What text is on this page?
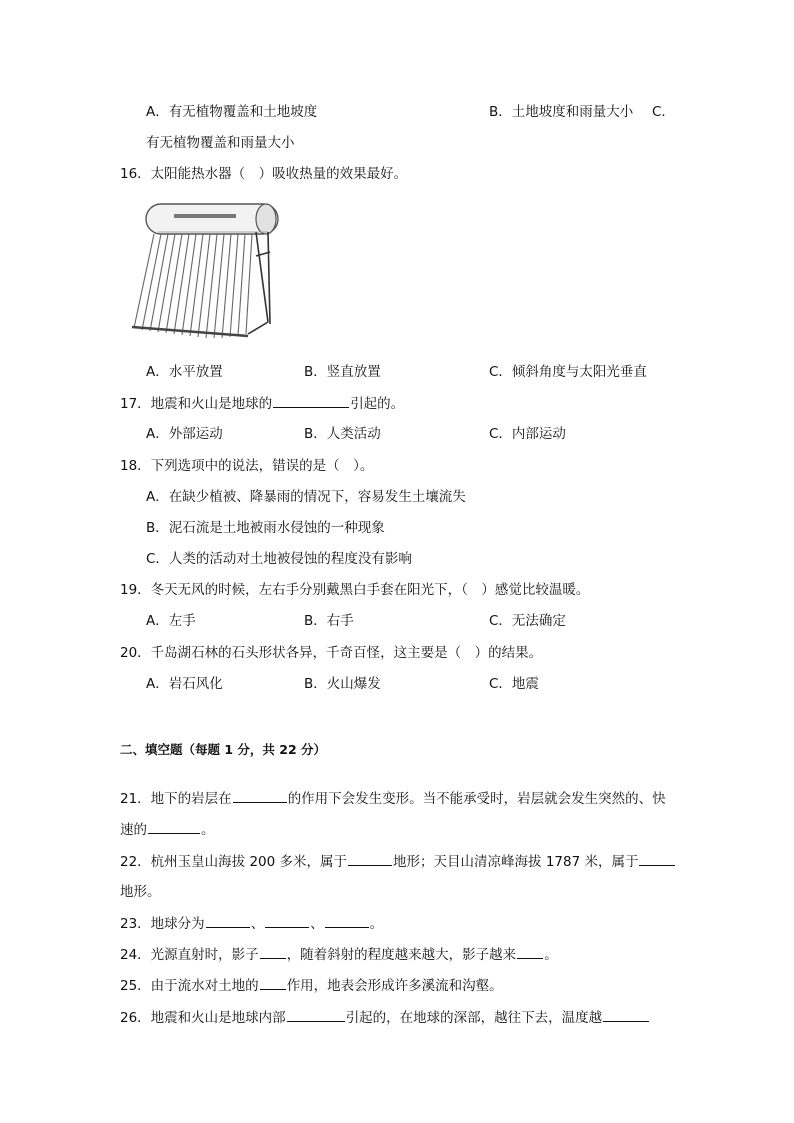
A．有无植物覆盖和土地坡度	B．土地坡度和雨量大小 C．
有无植物覆盖和雨量大小
16．太阳能热水器（　）吸收热量的效果最好。
A．水平放置	B．竖直放置	C．倾斜角度与太阳光垂直
17．地震和火山是地球的	引起的。
A．外部运动	B．人类活动	C．内部运动
18．下列选项中的说法，错误的是（　）。
A．在缺少植被、降暴雨的情况下，容易发生土壤流失
B．泥石流是土地被雨水侵蚀的一种现象
C．人类的活动对土地被侵蚀的程度没有影响
19．冬天无风的时候，左右手分别戴黑白手套在阳光下，（　）感觉比较温暖。
A．左手	B．右手	C．无法确定
20．千岛湖石林的石头形状各异，千奇百怪，这主要是（　）的结果。
A．岩石风化	B．火山爆发	C．地震
二、填空题（每题 1 分，共 22 分）
21．地下的岩层在	的作用下会发生变形。当不能承受时，岩层就会发生突然的、快
速的	。
22．杭州玉皇山海拔 200 多米，属于	地形；天目山清凉峰海拔 1787 米，属于
地形。
23．地球分为	、	、	。
24．光源直射时，影子 ，随着斜射的程度越来越大，影子越来 。
25．由于流水对土地的 作用，地表会形成许多溪流和沟壑。
26．地震和火山是地球内部	引起的，在地球的深部，越往下去，温度越
